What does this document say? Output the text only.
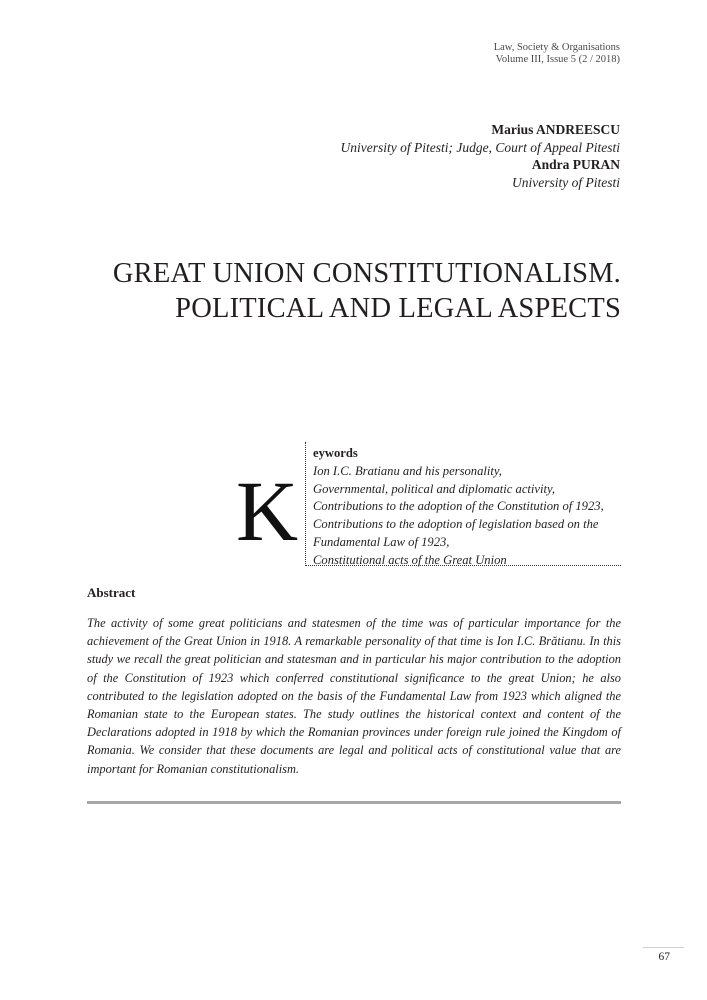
Law, Society & Organisations
Volume III, Issue 5 (2 / 2018)
Marius ANDREESCU
University of Pitesti; Judge, Court of Appeal Pitesti
Andra PURAN
University of Pitesti
GREAT UNION CONSTITUTIONALISM.
POLITICAL AND LEGAL ASPECTS
K
eywords
Ion I.C. Bratianu and his personality,
Governmental, political and diplomatic activity,
Contributions to the adoption of the Constitution of 1923,
Contributions to the adoption of legislation based on the
Fundamental Law of 1923,
Constitutional acts of the Great Union
Abstract

The activity of some great politicians and statesmen of the time was of particular importance for the achievement of the Great Union in 1918. A remarkable personality of that time is Ion I.C. Brătianu. In this study we recall the great politician and statesman and in particular his major contribution to the adoption of the Constitution of 1923 which conferred constitutional significance to the great Union; he also contributed to the legislation adopted on the basis of the Fundamental Law from 1923 which aligned the Romanian state to the European states. The study outlines the historical context and content of the Declarations adopted in 1918 by which the Romanian provinces under foreign rule joined the Kingdom of Romania. We consider that these documents are legal and political acts of constitutional value that are important for Romanian constitutionalism.

67
